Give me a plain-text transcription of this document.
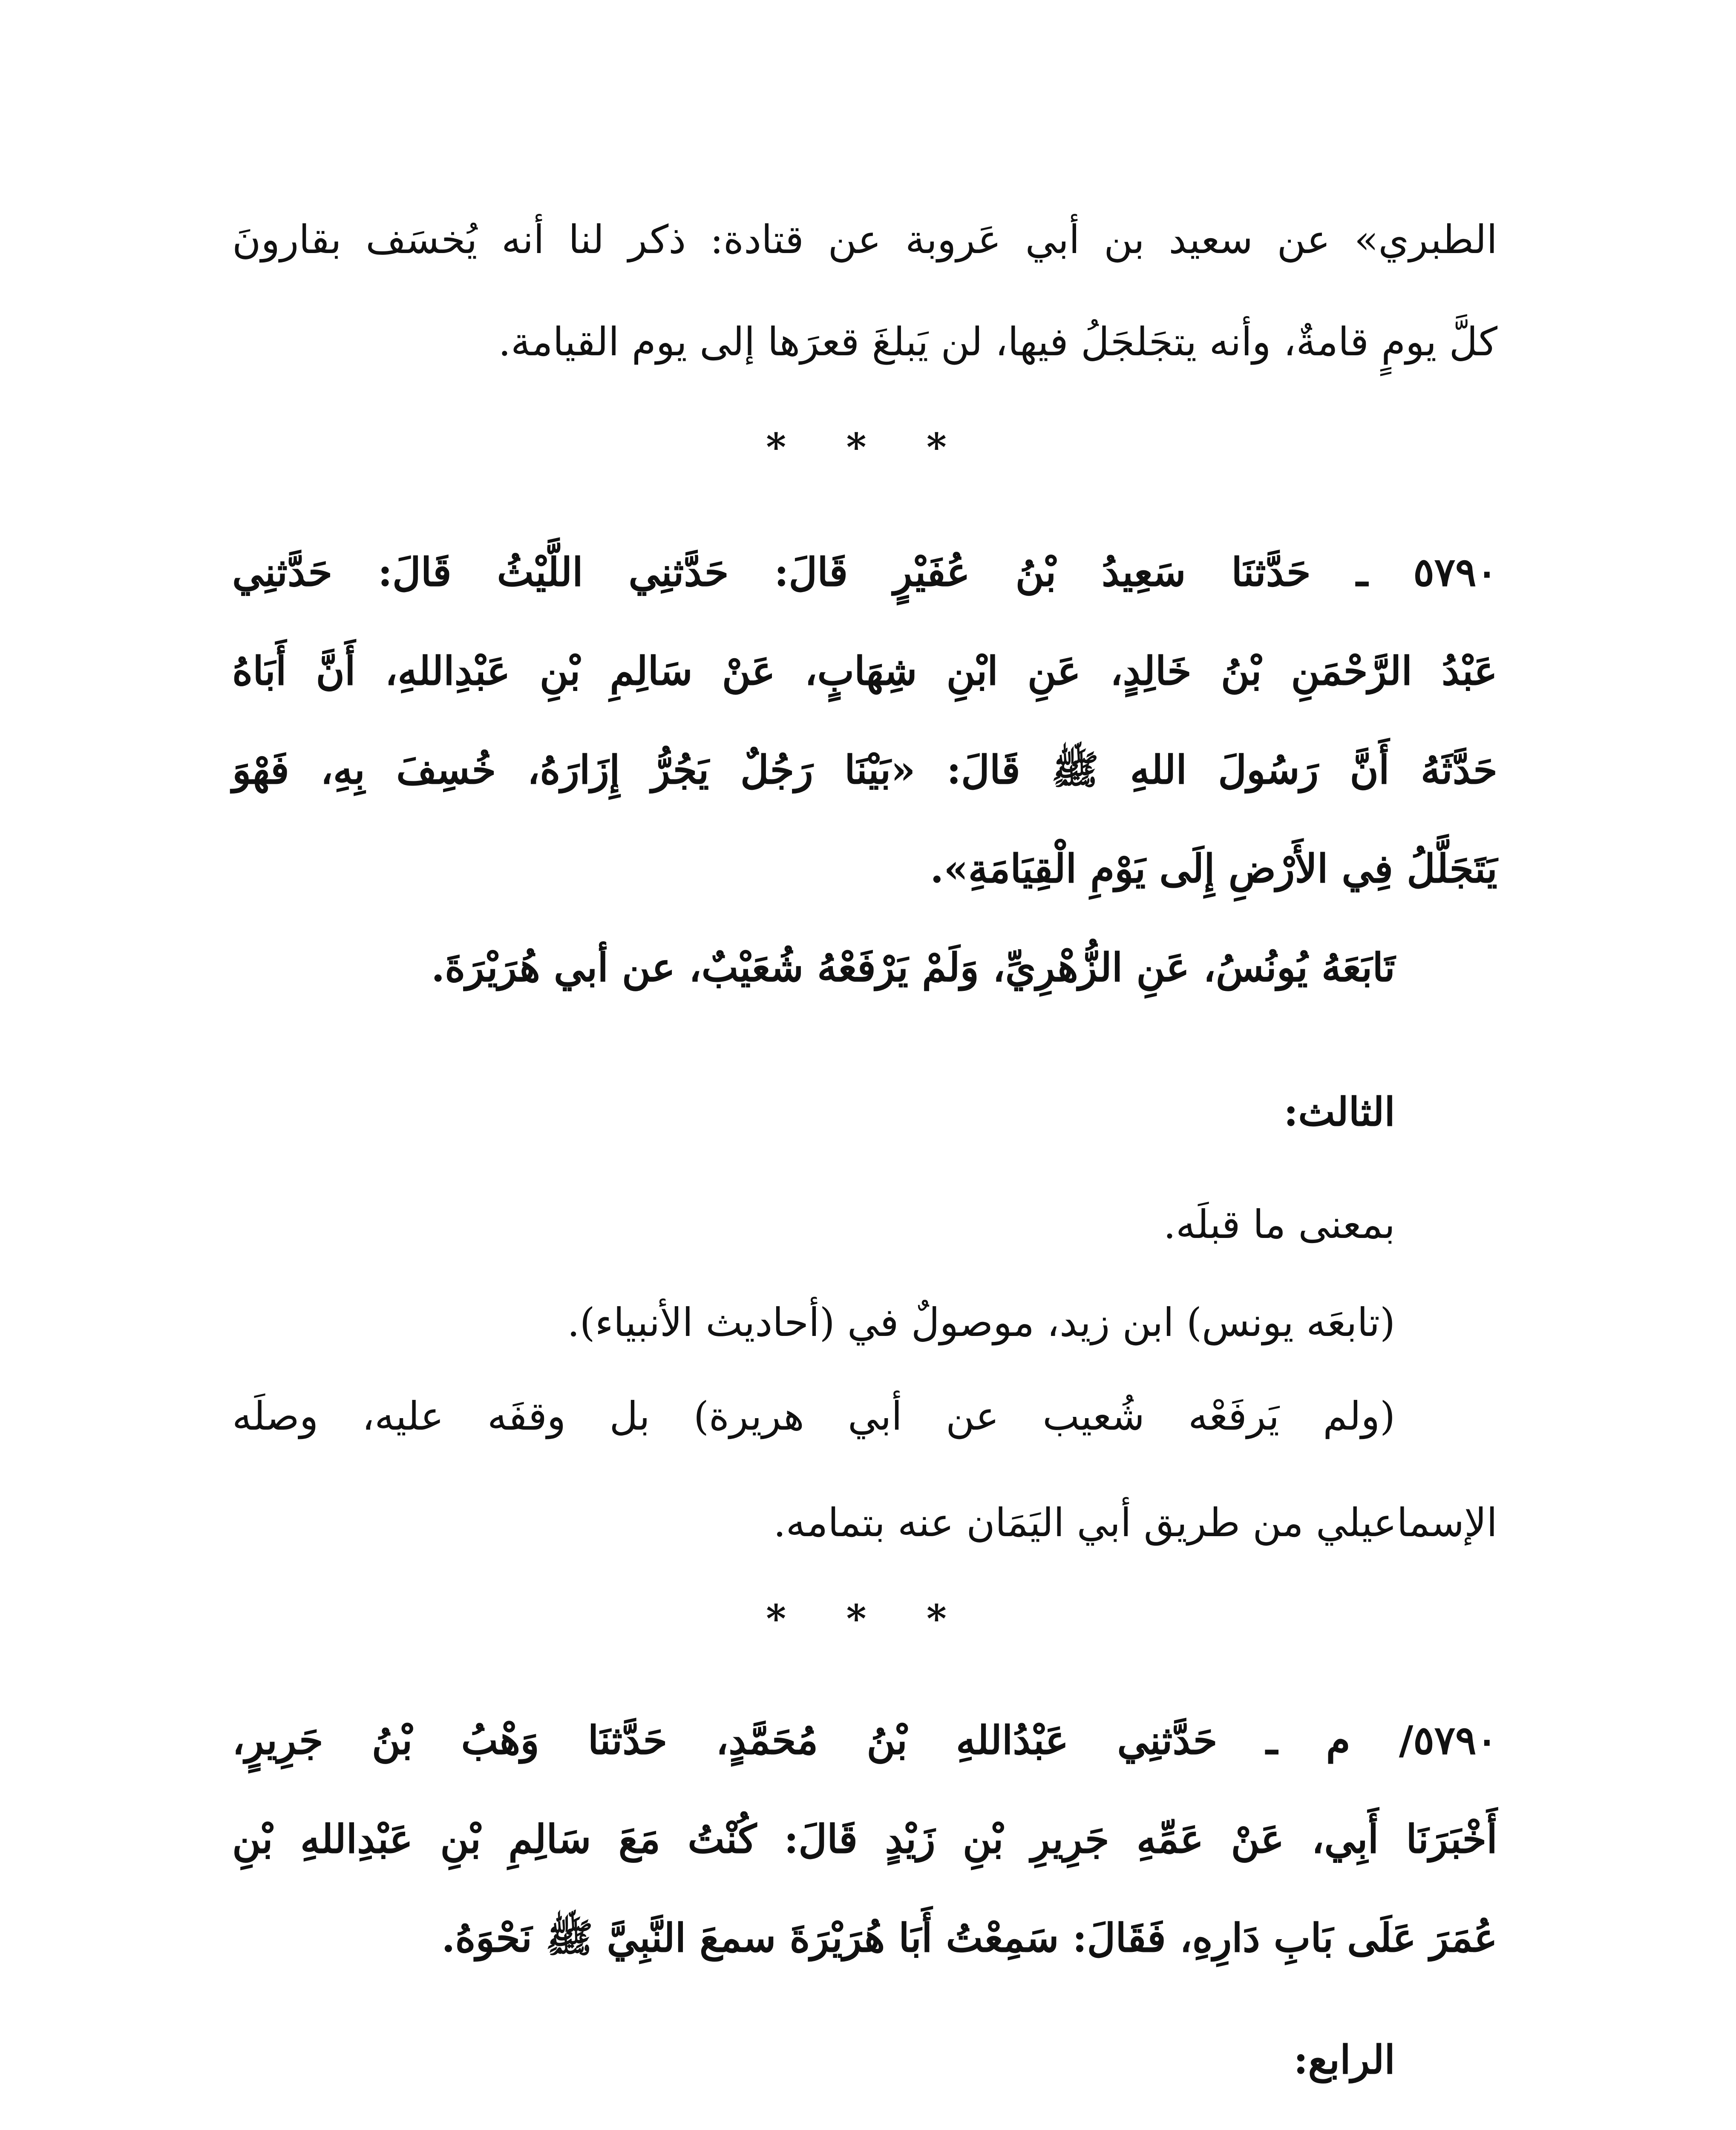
الطبري» عن سعيد بن أبي عَروبة عن قتادة: ذكر لنا أنه يُخسَف بقارونَ
كلَّ يومٍ قامةٌ، وأنه يتجَلجَلُ فيها، لن يَبلغَ قعرَها إلى يوم القيامة.
* * *
٥٧٩٠ ـ حَدَّثنَا سَعِيدُ بْنُ عُفَيْرٍ قَالَ: حَدَّثنِي اللَّيْثُ قَالَ: حَدَّثنِي
عَبْدُ الرَّحْمَنِ بْنُ خَالِدٍ، عَنِ ابْنِ شِهَابٍ، عَنْ سَالِمِ بْنِ عَبْدِاللهِ، أَنَّ أَبَاهُ
حَدَّثَهُ أَنَّ رَسُولَ اللهِ ﷺ قَالَ: «بَيْنَا رَجُلٌ يَجُرُّ إِزَارَهُ، خُسِفَ بِهِ، فَهْوَ
يَتَجَلَّلُ فِي الأَرْضِ إِلَى يَوْمِ الْقِيَامَةِ».
تَابَعَهُ يُونُسُ، عَنِ الزُّهْرِيِّ، وَلَمْ يَرْفَعْهُ شُعَيْبٌ، عن أبي هُرَيْرَةَ.
الثالث:
بمعنى ما قبلَه.
(تابعَه يونس) ابن زيد، موصولٌ في (أحاديث الأنبياء).
(ولم يَرفَعْه شُعيب عن أبي هريرة) بل وقفَه عليه، وصلَه
الإسماعيلي من طريق أبي اليَمَان عنه بتمامه.
* * *
٥٧٩٠/ م ـ حَدَّثنِي عَبْدُاللهِ بْنُ مُحَمَّدٍ، حَدَّثنَا وَهْبُ بْنُ جَرِيرٍ،
أَخْبَرَنَا أَبِي، عَنْ عَمِّهِ جَرِيرِ بْنِ زَيْدٍ قَالَ: كُنْتُ مَعَ سَالِمِ بْنِ عَبْدِاللهِ بْنِ
عُمَرَ عَلَى بَابِ دَارِهِ، فَقَالَ: سَمِعْتُ أَبَا هُرَيْرَةَ سمعَ النَّبِيَّ ﷺ نَحْوَهُ.
الرابع:
